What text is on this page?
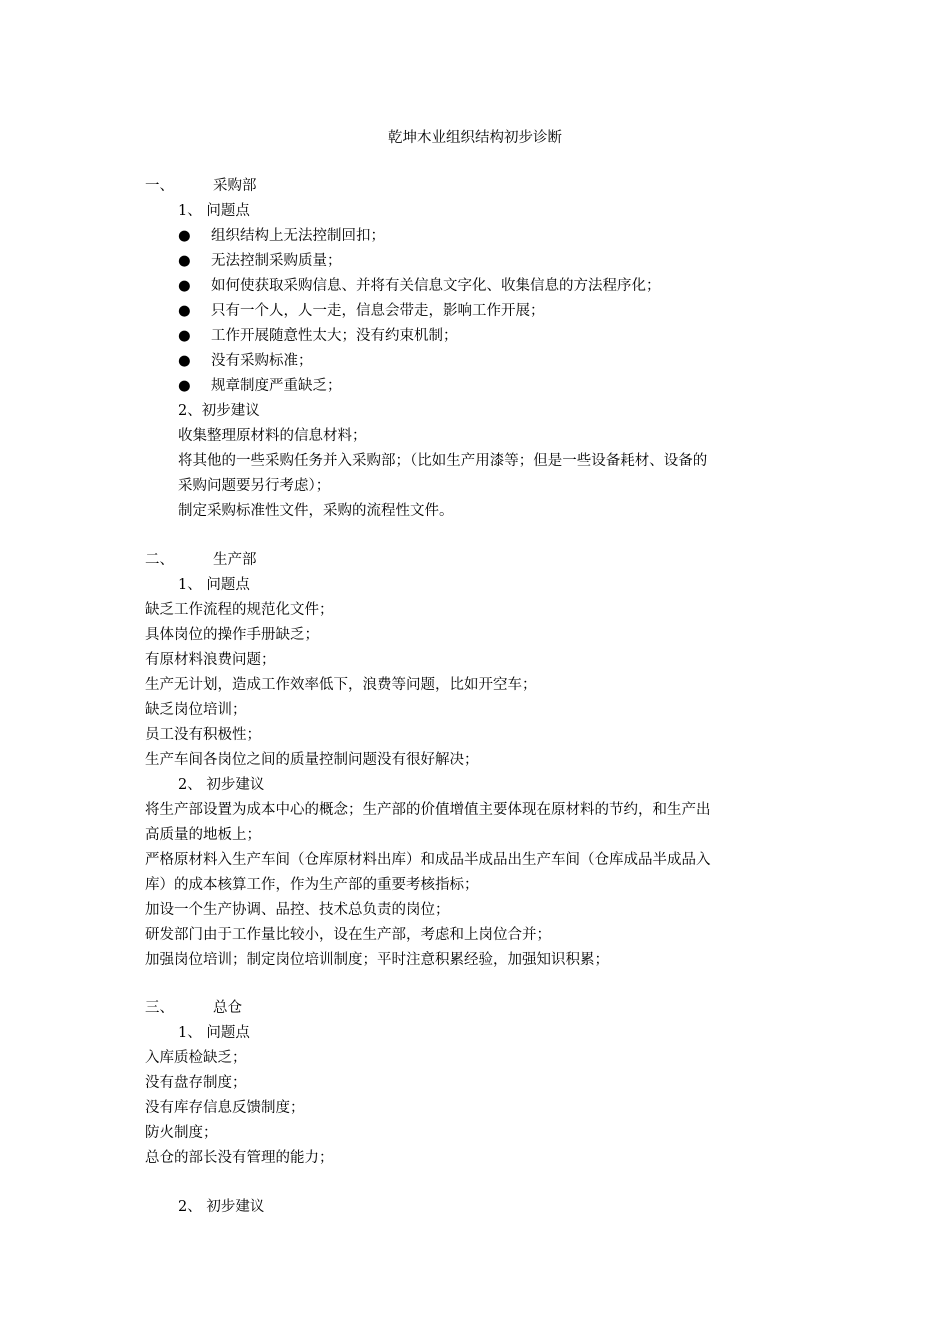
乾坤木业组织结构初步诊断
一、	采购部
1、 问题点
● 组织结构上无法控制回扣；
● 无法控制采购质量；
● 如何使获取采购信息、并将有关信息文字化、收集信息的方法程序化；
● 只有一个人，人一走，信息会带走，影响工作开展；
● 工作开展随意性太大；没有约束机制；
● 没有采购标准；
● 规章制度严重缺乏；
2、初步建议
收集整理原材料的信息材料；
将其他的一些采购任务并入采购部；（比如生产用漆等；但是一些设备耗材、设备的
采购问题要另行考虑）；
制定采购标准性文件，采购的流程性文件。
二、	生产部
1、 问题点
缺乏工作流程的规范化文件；
具体岗位的操作手册缺乏；
有原材料浪费问题；
生产无计划，造成工作效率低下，浪费等问题，比如开空车；
缺乏岗位培训；
员工没有积极性；
生产车间各岗位之间的质量控制问题没有很好解决；
2、 初步建议
将生产部设置为成本中心的概念；生产部的价值增值主要体现在原材料的节约，和生产出
高质量的地板上；
严格原材料入生产车间（仓库原材料出库）和成品半成品出生产车间（仓库成品半成品入
库）的成本核算工作，作为生产部的重要考核指标；
加设一个生产协调、品控、技术总负责的岗位；
研发部门由于工作量比较小，设在生产部，考虑和上岗位合并；
加强岗位培训；制定岗位培训制度；平时注意积累经验，加强知识积累；
三、	总仓
1、 问题点
入库质检缺乏；
没有盘存制度；
没有库存信息反馈制度；
防火制度；
总仓的部长没有管理的能力；
2、 初步建议
